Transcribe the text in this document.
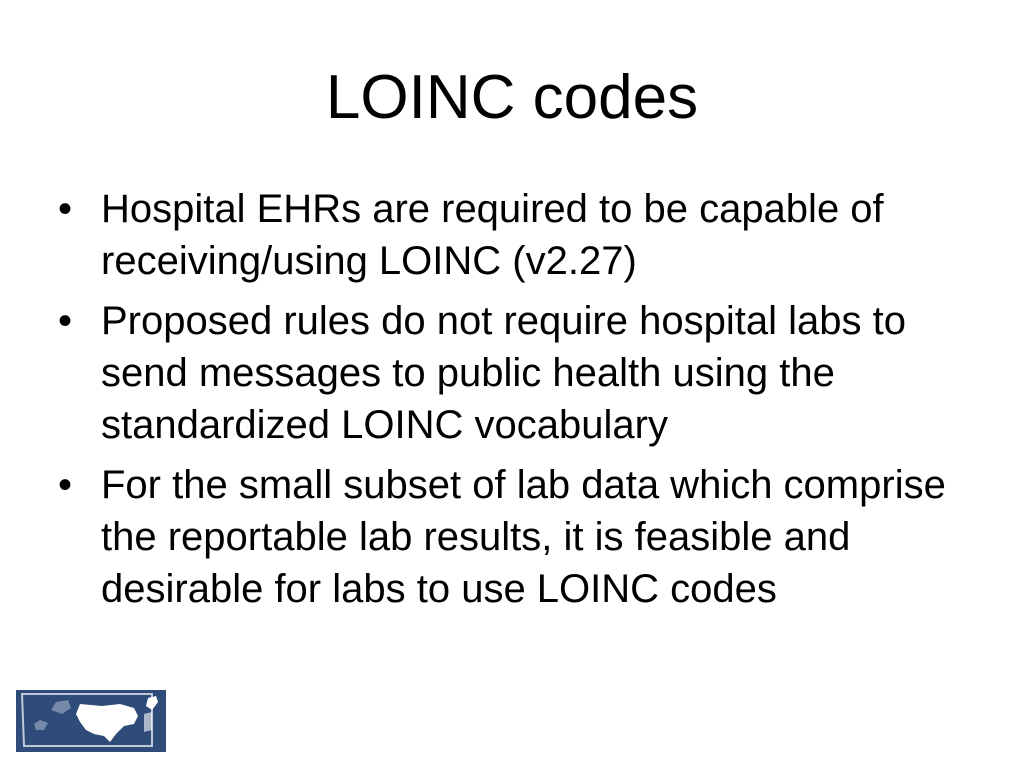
LOINC codes
• Hospital EHRs are required to be capable of receiving/using LOINC (v2.27)
• Proposed rules do not require hospital labs to send messages to public health using the standardized LOINC vocabulary
• For the small subset of lab data which comprise the reportable lab results, it is feasible and desirable for labs to use LOINC codes
